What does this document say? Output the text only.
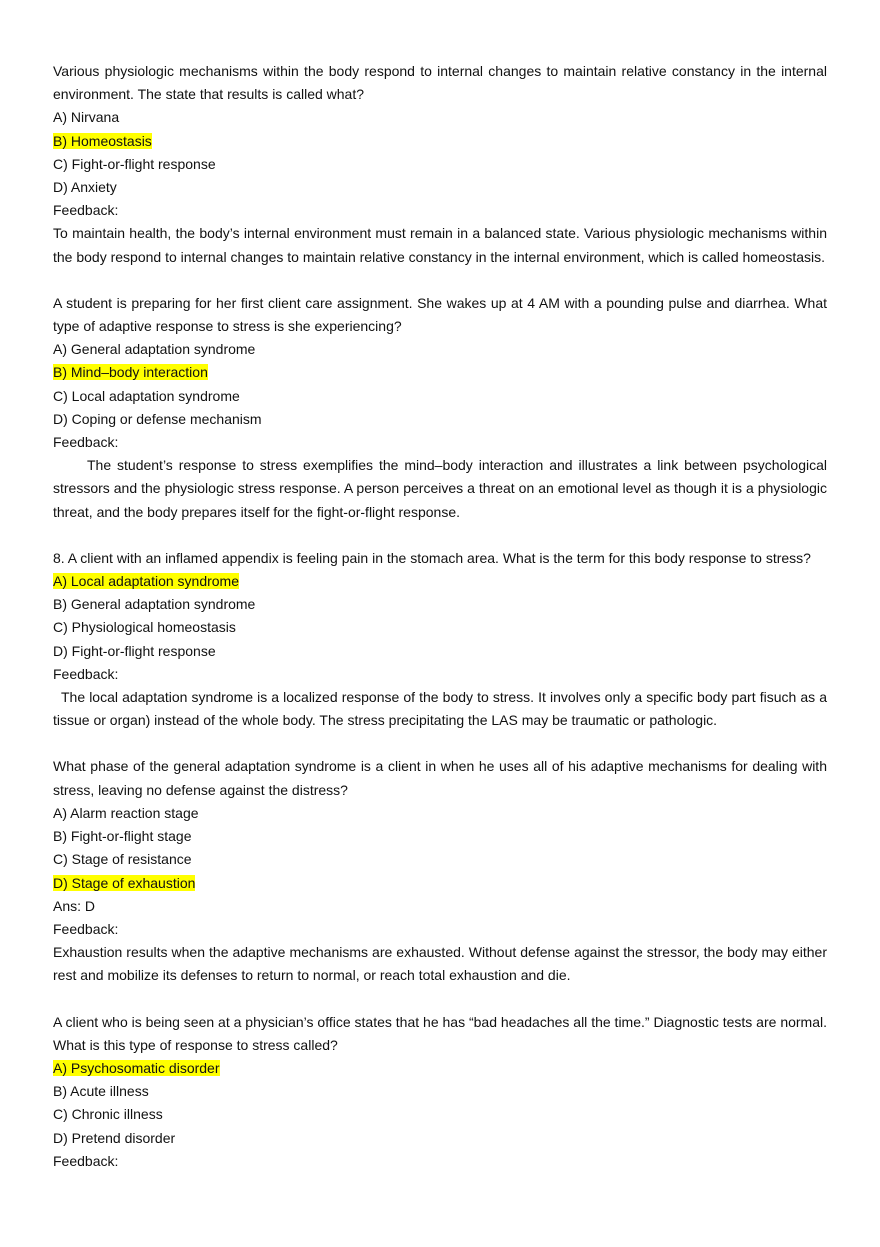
Various physiologic mechanisms within the body respond to internal changes to maintain relative constancy in the internal environment. The state that results is called what?

A) Nirvana
B) Homeostasis
C) Fight-or-flight response
D) Anxiety
Feedback:

To maintain health, the body’s internal environment must remain in a balanced state. Various physiologic mechanisms within the body respond to internal changes to maintain relative constancy in the internal environment, which is called homeostasis.

A student is preparing for her first client care assignment. She wakes up at 4 AM with a pounding pulse and diarrhea. What type of adaptive response to stress is she experiencing?

A) General adaptation syndrome
B) Mind–body interaction
C) Local adaptation syndrome
D) Coping or defense mechanism
Feedback:

The student’s response to stress exemplifies the mind–body interaction and illustrates a link between psychological stressors and the physiologic stress response. A person perceives a threat on an emotional level as though it is a physiologic threat, and the body prepares itself for the fight-or-flight response.

8. A client with an inflamed appendix is feeling pain in the stomach area. What is the term for this body response to stress?

A) Local adaptation syndrome
B) General adaptation syndrome
C) Physiological homeostasis
D) Fight-or-flight response
Feedback:

The local adaptation syndrome is a localized response of the body to stress. It involves only a specific body part fisuch as a tissue or organ) instead of the whole body. The stress precipitating the LAS may be traumatic or pathologic.

What phase of the general adaptation syndrome is a client in when he uses all of his adaptive mechanisms for dealing with stress, leaving no defense against the distress?

A) Alarm reaction stage
B) Fight-or-flight stage
C) Stage of resistance
D) Stage of exhaustion
Ans: D
Feedback:

Exhaustion results when the adaptive mechanisms are exhausted. Without defense against the stressor, the body may either rest and mobilize its defenses to return to normal, or reach total exhaustion and die.

A client who is being seen at a physician’s office states that he has “bad headaches all the time.” Diagnostic tests are normal. What is this type of response to stress called?

A) Psychosomatic disorder
B) Acute illness
C) Chronic illness
D) Pretend disorder
Feedback:
